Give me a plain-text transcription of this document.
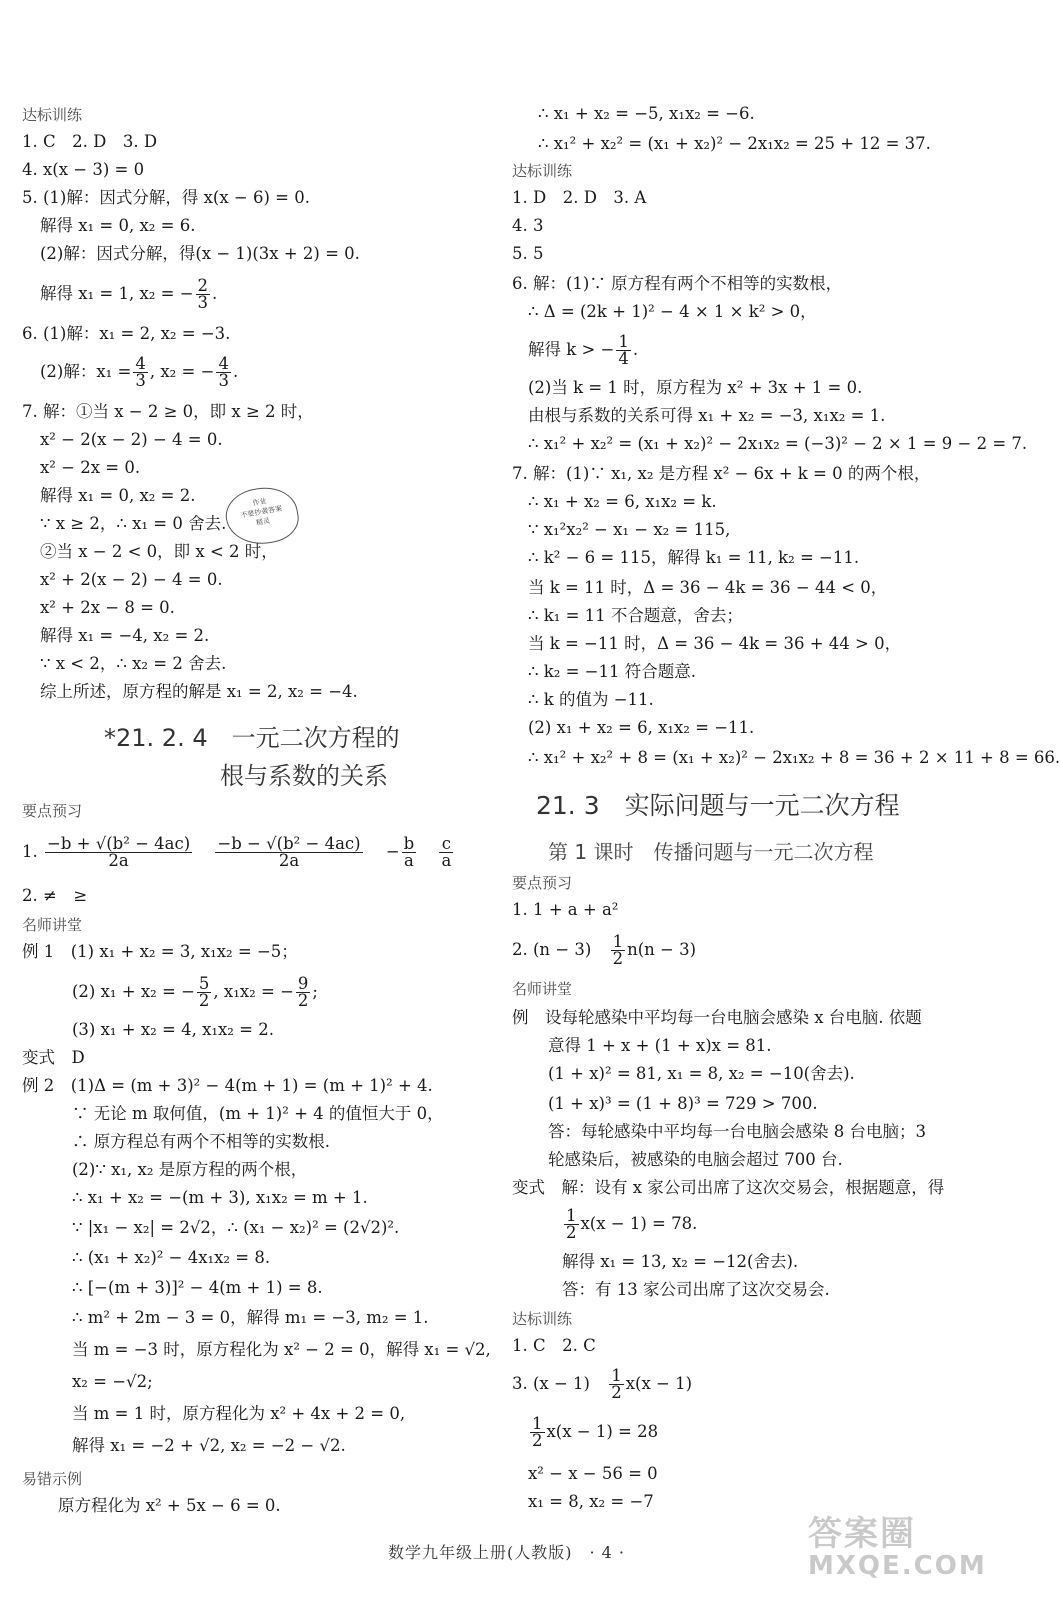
达标训练
1. C　2. D　3. D
4. x(x − 3) = 0
5. (1)解：因式分解，得 x(x − 6) = 0.
解得 x₁ = 0, x₂ = 6.
(2)解：因式分解，得(x − 1)(3x + 2) = 0.
解得 x₁ = 1, x₂ = − $\frac{2}{3}$ .
6. (1)解：x₁ = 2, x₂ = −3.
(2)解：$x_1 = \frac{4}{3}$ , x₂ = − $\frac{4}{3}$ .
7. 解：①当 x − 2 ≥ 0，即 x ≥ 2 时，
x² − 2(x − 2) − 4 = 0.
x² − 2x = 0.
解得 x₁ = 0, x₂ = 2.
∵ x ≥ 2，∴ x₁ = 0 舍去.
②当 x − 2 < 0，即 x < 2 时，
x² + 2(x − 2) − 4 = 0.
x² + 2x − 8 = 0.
解得 x₁ = −4, x₂ = 2.
∵ x < 2，∴ x₂ = 2 舍去.
综上所述，原方程的解是 x₁ = 2, x₂ = −4.
*21. 2. 4　一元二次方程的
根与系数的关系
要点预习
1. $\frac{\text{−b + √(b² − 4ac)}}{2a}$
$\frac{\text{−b − √(b² − 4ac)}}{2a} - \frac{b}{a}$
$\frac{c}{a}$
2. ≠　≥
名师讲堂
例 1　(1) x₁ + x₂ = 3, x₁x₂ = −5；
(2) x₁ + x₂ = − $\frac{5}{2}$ , x₁x₂ = − $\frac{9}{2}$ ;
(3) x₁ + x₂ = 4, x₁x₂ = 2.
变式　D
例 2　(1)Δ = (m + 3)² − 4(m + 1) = (m + 1)² + 4.
∵ 无论 m 取何值，(m + 1)² + 4 的值恒大于 0，
∴ 原方程总有两个不相等的实数根.
(2)∵ x₁, x₂ 是原方程的两个根，
∴ x₁ + x₂ = −(m + 3), x₁x₂ = m + 1.
∵ |x₁ − x₂| = 2√2，∴ (x₁ − x₂)² = (2√2)².
∴ (x₁ + x₂)² − 4x₁x₂ = 8.
∴ [−(m + 3)]² − 4(m + 1) = 8.
∴ m² + 2m − 3 = 0，解得 m₁ = −3, m₂ = 1.
当 m = −3 时，原方程化为 x² − 2 = 0，解得 x₁ = √2,
x₂ = −√2;
当 m = 1 时，原方程化为 x² + 4x + 2 = 0,
解得 x₁ = −2 + √2, x₂ = −2 − √2.
易错示例
原方程化为 x² + 5x − 6 = 0.
作业
不要抄袭答案
精灵
∴ x₁ + x₂ = −5, x₁x₂ = −6.
∴ x₁² + x₂² = (x₁ + x₂)² − 2x₁x₂ = 25 + 12 = 37.
达标训练
1. D　2. D　3. A
4. 3
5. 5
6. 解：(1)∵ 原方程有两个不相等的实数根，
∴ Δ = (2k + 1)² − 4 × 1 × k² > 0，
解得 k > − $\frac{1}{4}$ .
(2)当 k = 1 时，原方程为 x² + 3x + 1 = 0.
由根与系数的关系可得 x₁ + x₂ = −3, x₁x₂ = 1.
∴ x₁² + x₂² = (x₁ + x₂)² − 2x₁x₂ = (−3)² − 2 × 1 = 9 − 2 = 7.
7. 解：(1)∵ x₁, x₂ 是方程 x² − 6x + k = 0 的两个根，
∴ x₁ + x₂ = 6, x₁x₂ = k.
∵ x₁²x₂² − x₁ − x₂ = 115,
∴ k² − 6 = 115，解得 k₁ = 11, k₂ = −11.
当 k = 11 时，Δ = 36 − 4k = 36 − 44 < 0，
∴ k₁ = 11 不合题意，舍去；
当 k = −11 时，Δ = 36 − 4k = 36 + 44 > 0，
∴ k₂ = −11 符合题意.
∴ k 的值为 −11.
(2) x₁ + x₂ = 6, x₁x₂ = −11.
∴ x₁² + x₂² + 8 = (x₁ + x₂)² − 2x₁x₂ + 8 = 36 + 2 × 11 + 8 = 66.
21. 3　实际问题与一元二次方程
第 1 课时　传播问题与一元二次方程
要点预习
1. 1 + a + a²
2. $(n - 3) \frac{1}{2} n(n - 3)$
名师讲堂
例　设每轮感染中平均每一台电脑会感染 x 台电脑. 依题
意得 1 + x + (1 + x)x = 81.
(1 + x)² = 81, x₁ = 8, x₂ = −10(舍去).
(1 + x)³ = (1 + 8)³ = 729 > 700.
答：每轮感染中平均每一台电脑会感染 8 台电脑；3
轮感染后，被感染的电脑会超过 700 台.
变式　解：设有 x 家公司出席了这次交易会，根据题意，得
$\frac{1}{2} x(x - 1) = 78$.
解得 x₁ = 13, x₂ = −12(舍去).
答：有 13 家公司出席了这次交易会.
达标训练
1. C　2. C
3. $(x - 1) \frac{1}{2} x(x - 1)$
$\frac{1}{2} x(x - 1) = 28$
x² − x − 56 = 0
x₁ = 8, x₂ = −7
数学九年级上册(人教版)　· 4 ·	答案圈
MXQE.COM
